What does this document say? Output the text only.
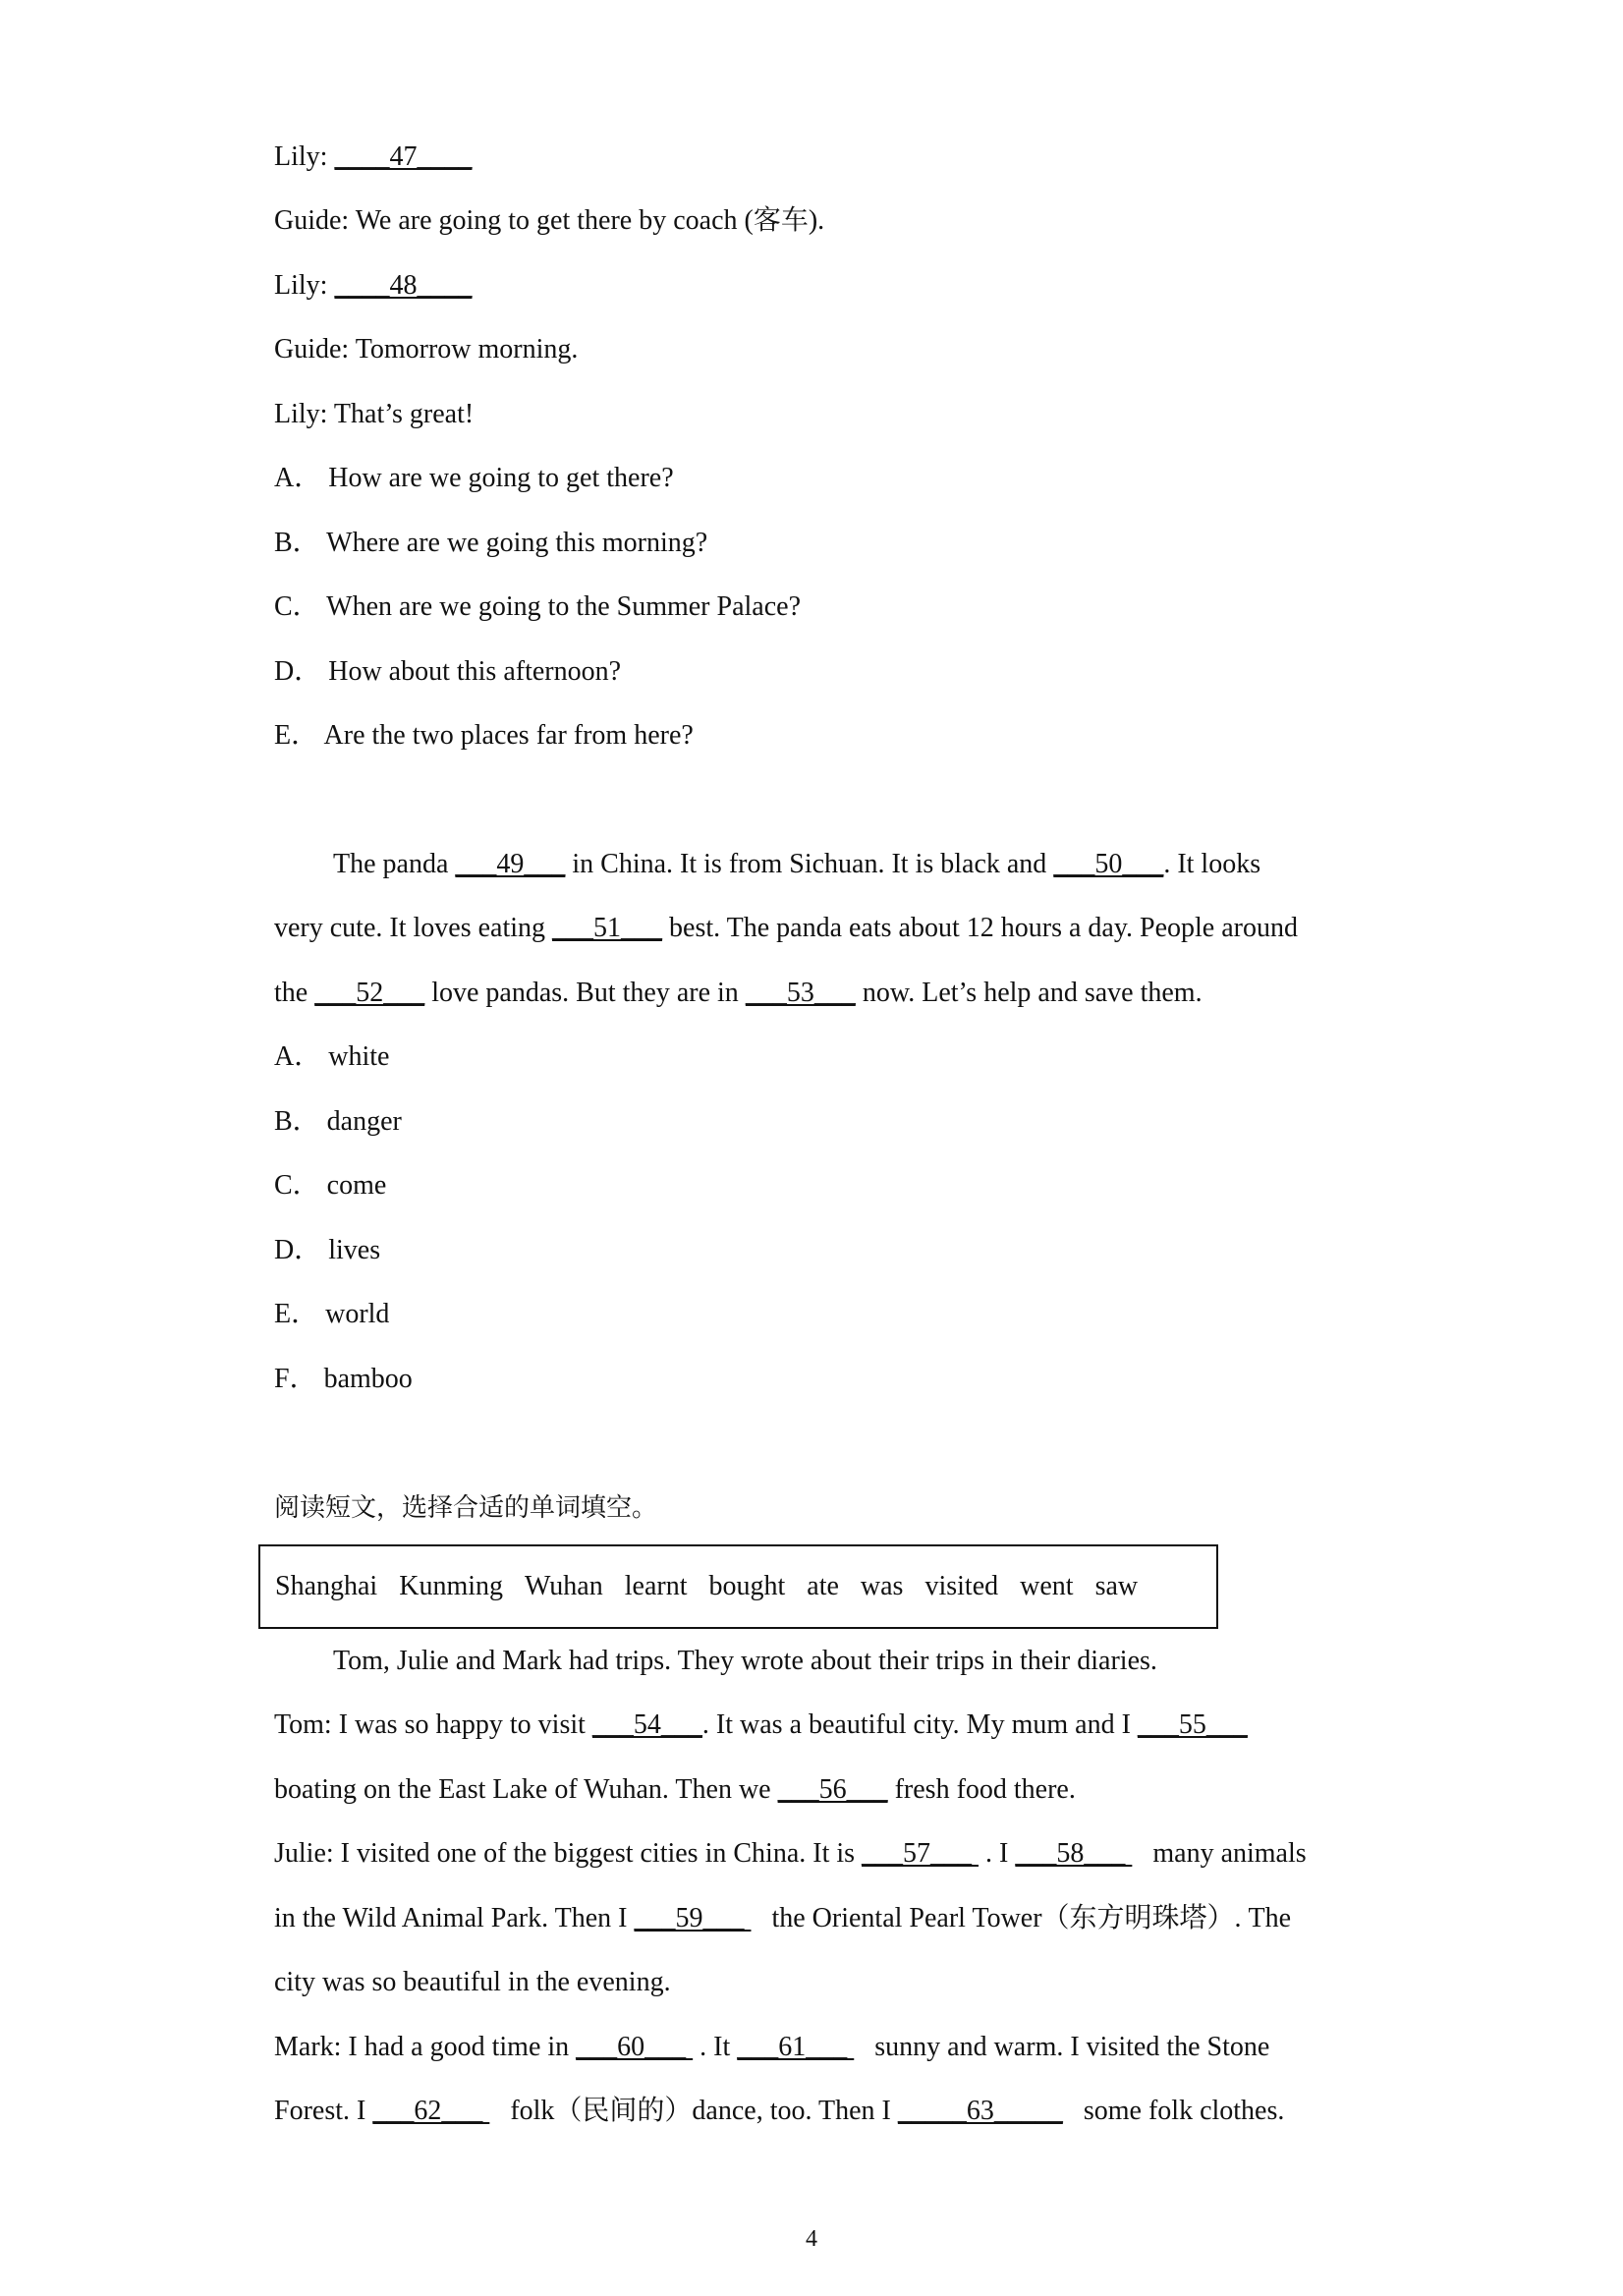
Lily: ____47____
Guide: We are going to get there by coach (客车).
Lily: ____48____
Guide: Tomorrow morning.
Lily: That’s great!
A． How are we going to get there?
B． Where are we going this morning?
C． When are we going to the Summer Palace?
D． How about this afternoon?
E． Are the two places far from here?
The panda ___49___ in China. It is from Sichuan. It is black and ___50___. It looks
very cute. It loves eating ___51___ best. The panda eats about 12 hours a day. People around
the ___52___ love pandas. But they are in ___53___ now. Let’s help and save them.
A． white
B． danger
C． come
D． lives
E． world
F． bamboo
阅读短文，选择合适的单词填空。
Shanghai Kunming Wuhan learnt bought ate was visited went saw
Tom, Julie and Mark had trips. They wrote about their trips in their diaries.
Tom: I was so happy to visit ___54___. It was a beautiful city. My mum and I ___55___
boating on the East Lake of Wuhan. Then we ___56___ fresh food there.
Julie: I visited one of the biggest cities in China. It is ___57___  . I ___58___    many animals
in the Wild Animal Park. Then I ___59___    the Oriental Pearl Tower（东方明珠塔）. The
city was so beautiful in the evening.
Mark: I had a good time in ___60___  . It ___61___    sunny and warm. I visited the Stone
Forest. I ___62___    folk（民间的）dance, too. Then I _____63_____   some folk clothes.
4
